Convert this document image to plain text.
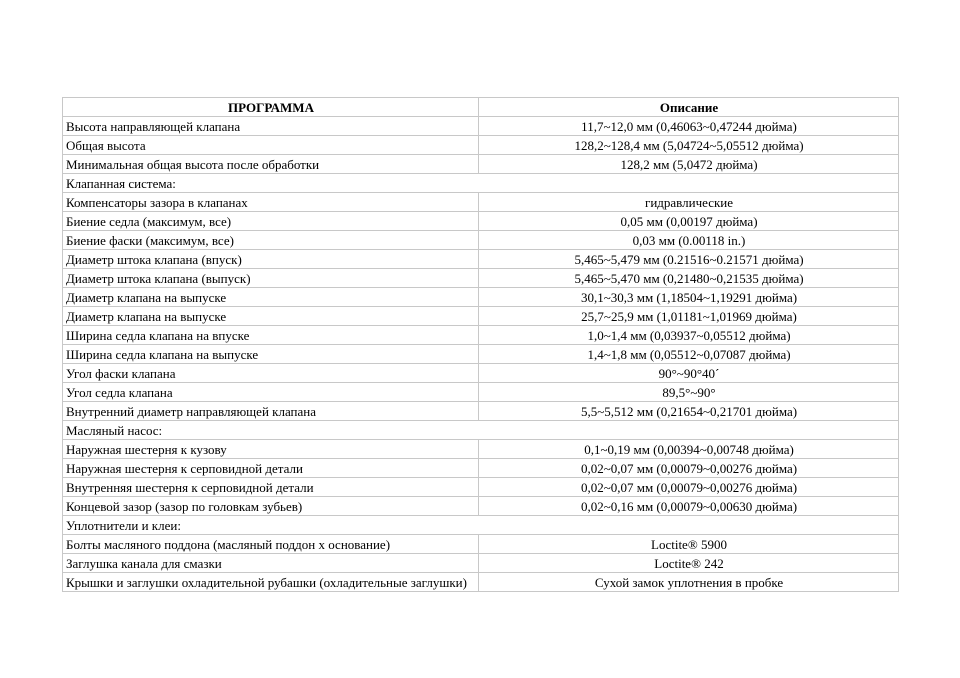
ПРОГРАММА	Описание
Высота направляющей клапана	11,7~12,0 мм (0,46063~0,47244 дюйма)
Общая высота	128,2~128,4 мм (5,04724~5,05512 дюйма)
Минимальная общая высота после обработки	128,2 мм (5,0472 дюйма)
Клапанная система:	
Компенсаторы зазора в клапанах	гидравлические
Биение седла (максимум, все)	0,05 мм (0,00197 дюйма)
Биение фаски (максимум, все)	0,03 мм (0.00118 in.)
Диаметр штока клапана (впуск)	5,465~5,479 мм (0.21516~0.21571 дюйма)
Диаметр штока клапана (выпуск)	5,465~5,470 мм (0,21480~0,21535 дюйма)
Диаметр клапана на выпуске	30,1~30,3 мм (1,18504~1,19291 дюйма)
Диаметр клапана на выпуске	25,7~25,9 мм (1,01181~1,01969 дюйма)
Ширина седла клапана на впуске	1,0~1,4 мм (0,03937~0,05512 дюйма)
Ширина седла клапана на выпуске	1,4~1,8 мм (0,05512~0,07087 дюйма)
Угол фаски клапана	90°~90°40´
Угол седла клапана	89,5°~90°
Внутренний диаметр направляющей клапана	5,5~5,512 мм (0,21654~0,21701 дюйма)
Масляный насос:	
Наружная шестерня к кузову	0,1~0,19 мм (0,00394~0,00748 дюйма)
Наружная шестерня к серповидной детали	0,02~0,07 мм (0,00079~0,00276 дюйма)
Внутренняя шестерня к серповидной детали	0,02~0,07 мм (0,00079~0,00276 дюйма)
Концевой зазор (зазор по головкам зубьев)	0,02~0,16 мм (0,00079~0,00630 дюйма)
Уплотнители и клеи:	
Болты масляного поддона (масляный поддон х основание)	Loctite® 5900
Заглушка канала для смазки	Loctite® 242
Крышки и заглушки охладительной рубашки (охладительные заглушки)	Сухой замок уплотнения в пробке
